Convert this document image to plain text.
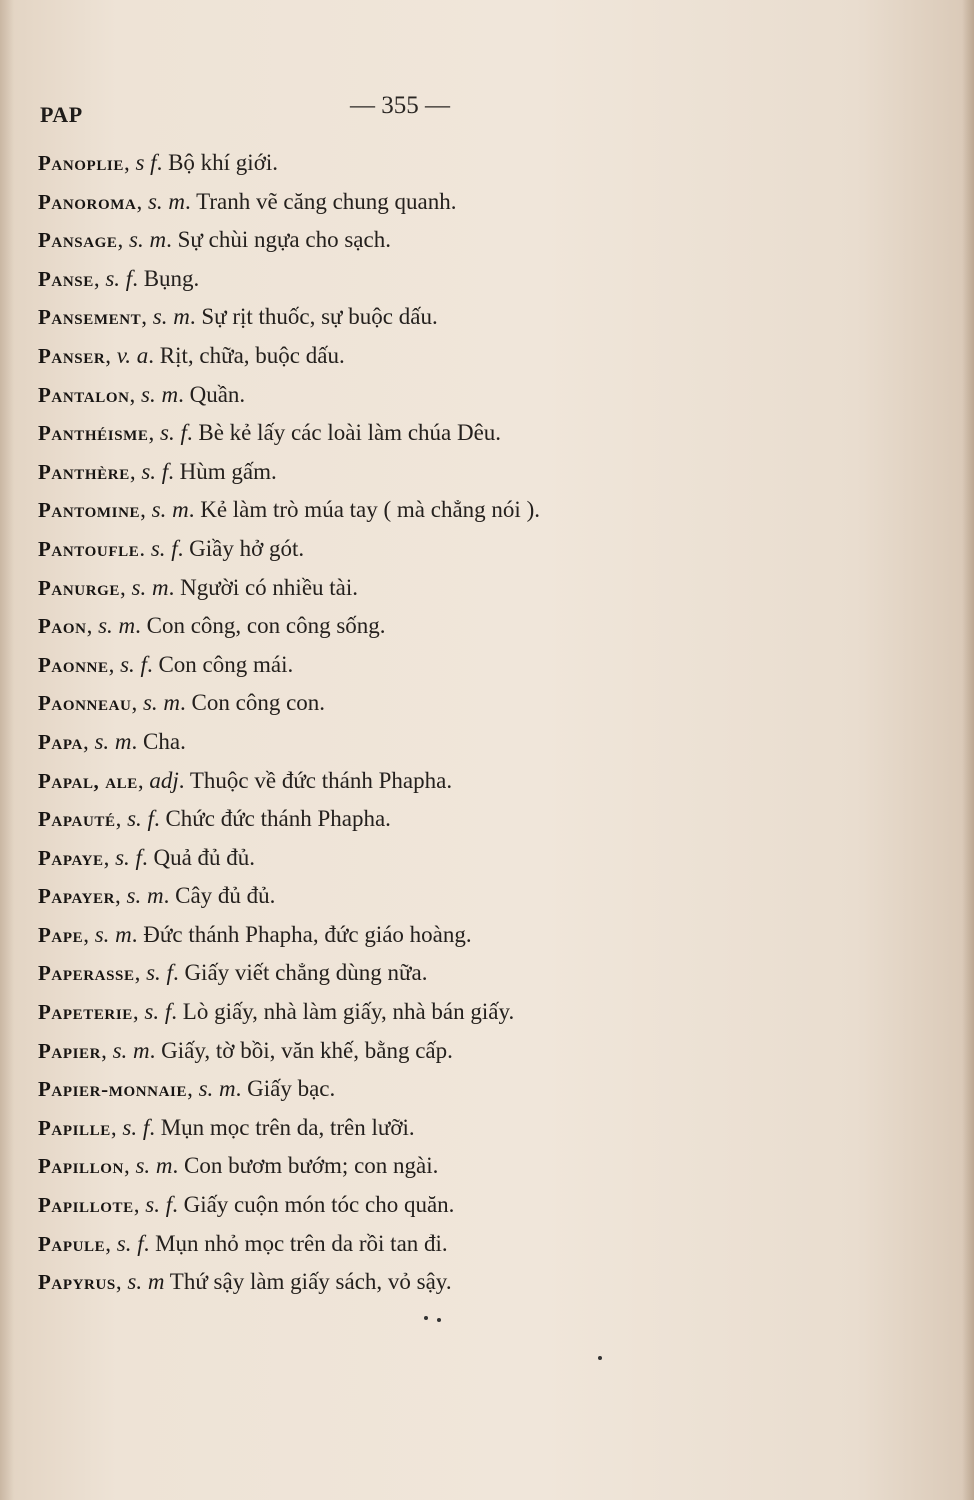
PAP	— 355 —
Panoplie, s f. Bộ khí giới.
Panoroma, s. m. Tranh vẽ căng chung quanh.
Pansage, s. m. Sự chùi ngựa cho sạch.
Panse, s. f. Bụng.
Pansement, s. m. Sự rịt thuốc, sự buộc dấu.
Panser, v. a. Rịt, chữa, buộc dấu.
Pantalon, s. m. Quần.
Panthéisme, s. f. Bè kẻ lấy các loài làm chúa Dêu.
Panthère, s. f. Hùm gấm.
Pantomine, s. m. Kẻ làm trò múa tay ( mà chẳng nói ).
Pantoufle. s. f. Giầy hở gót.
Panurge, s. m. Người có nhiều tài.
Paon, s. m. Con công, con công sống.
Paonne, s. f. Con công mái.
Paonneau, s. m. Con công con.
Papa, s. m. Cha.
Papal, ale, adj. Thuộc về đức thánh Phapha.
Papauté, s. f. Chức đức thánh Phapha.
Papaye, s. f. Quả đủ đủ.
Papayer, s. m. Cây đủ đủ.
Pape, s. m. Đức thánh Phapha, đức giáo hoàng.
Paperasse, s. f. Giấy viết chẳng dùng nữa.
Papeterie, s. f. Lò giấy, nhà làm giấy, nhà bán giấy.
Papier, s. m. Giấy, tờ bồi, văn khế, bằng cấp.
Papier-monnaie, s. m. Giấy bạc.
Papille, s. f. Mụn mọc trên da, trên lưỡi.
Papillon, s. m. Con bươm bướm; con ngài.
Papillote, s. f. Giấy cuộn món tóc cho quăn.
Papule, s. f. Mụn nhỏ mọc trên da rồi tan đi.
Papyrus, s. m Thứ sậy làm giấy sách, vỏ sậy.
